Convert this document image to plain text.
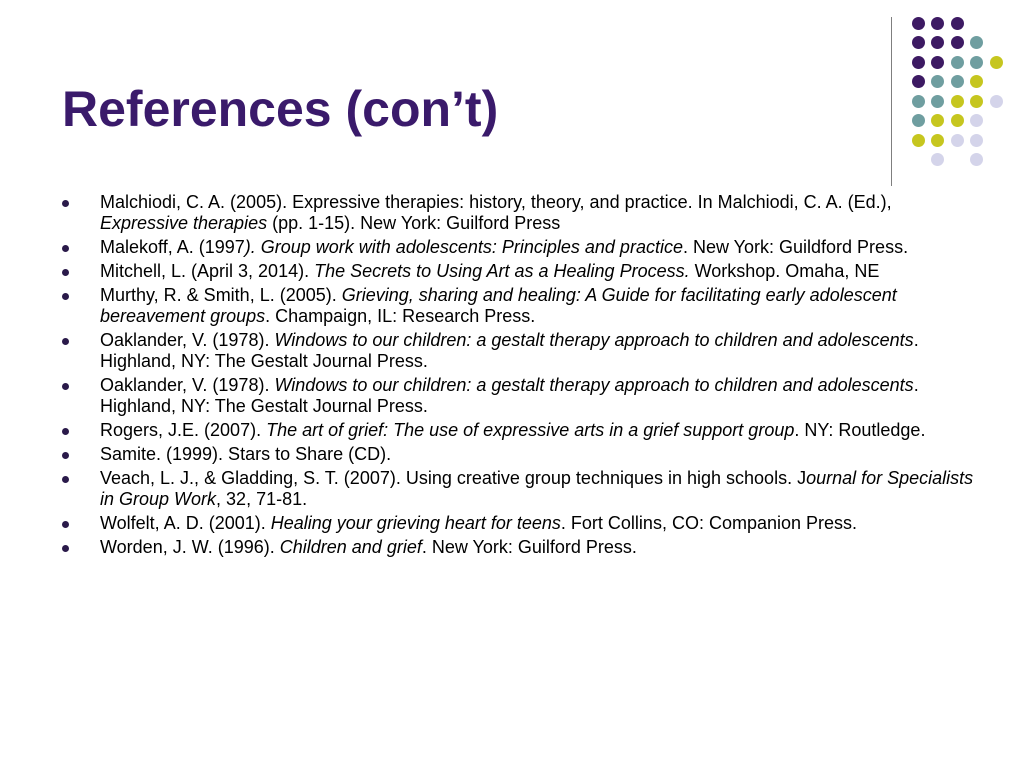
References (con’t)
Malchiodi, C. A. (2005). Expressive therapies: history, theory, and practice. In Malchiodi, C. A. (Ed.), Expressive therapies (pp. 1-15). New York: Guilford Press
Malekoff, A. (1997). Group work with adolescents: Principles and practice. New York: Guildford Press.
Mitchell, L. (April 3, 2014). The Secrets to Using Art as a Healing Process. Workshop. Omaha, NE
Murthy, R. & Smith, L. (2005). Grieving, sharing and healing: A Guide for facilitating early adolescent bereavement groups. Champaign, IL: Research Press.
Oaklander, V. (1978). Windows to our children: a gestalt therapy approach to children and adolescents. Highland, NY: The Gestalt Journal Press.
Oaklander, V. (1978). Windows to our children: a gestalt therapy approach to children and adolescents. Highland, NY: The Gestalt Journal Press.
Rogers, J.E. (2007). The art of grief: The use of expressive arts in a grief support group. NY: Routledge.
Samite. (1999). Stars to Share (CD).
Veach, L. J., & Gladding, S. T. (2007). Using creative group techniques in high schools. Journal for Specialists in Group Work, 32, 71-81.
Wolfelt, A. D. (2001). Healing your grieving heart for teens. Fort Collins, CO: Companion Press.
Worden, J. W. (1996). Children and grief. New York: Guilford Press.
